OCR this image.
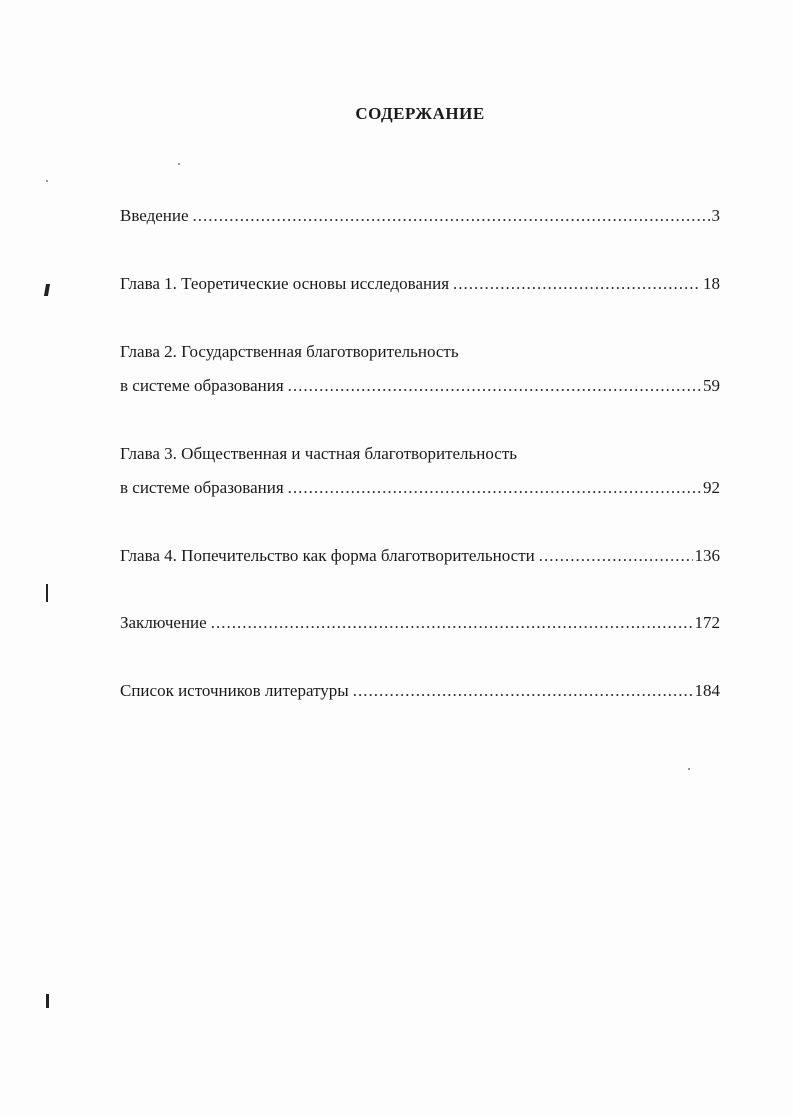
СОДЕРЖАНИЕ
Введение .....	3
Глава 1. Теоретические основы исследования .....	18
Глава 2. Государственная благотворительность
в системе образования .....	59
Глава 3. Общественная и частная благотворительность
в системе образования .....	92
Глава 4. Попечительство как форма благотворительности .....	136
Заключение .....	172
Список источников литературы .....	184
